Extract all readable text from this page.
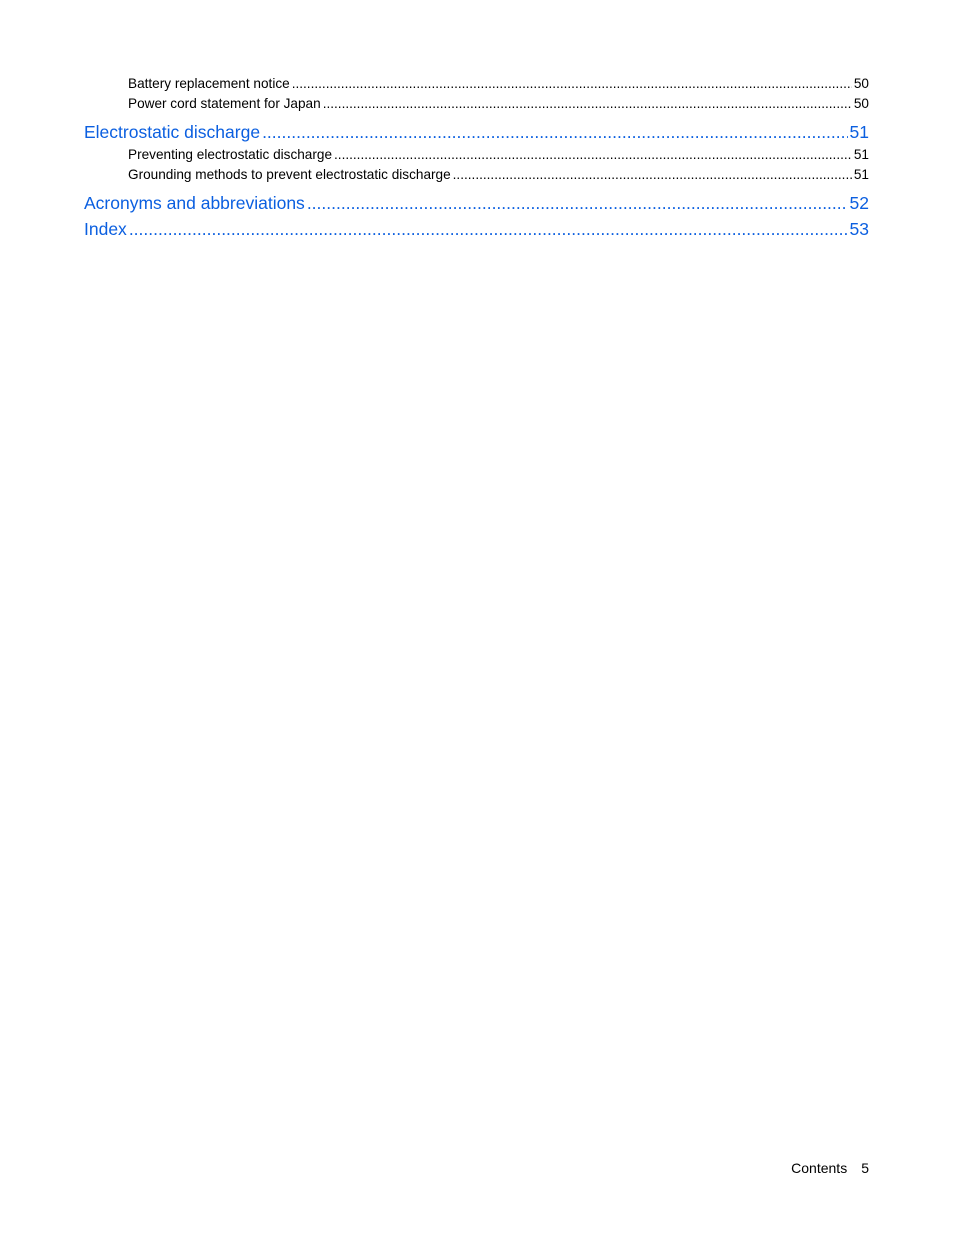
Battery replacement notice .....	50
Power cord statement for Japan .....	50
Electrostatic discharge .....	51
Preventing electrostatic discharge .....	51
Grounding methods to prevent electrostatic discharge .....	51
Acronyms and abbreviations .....	52
Index .....	53
Contents 5
